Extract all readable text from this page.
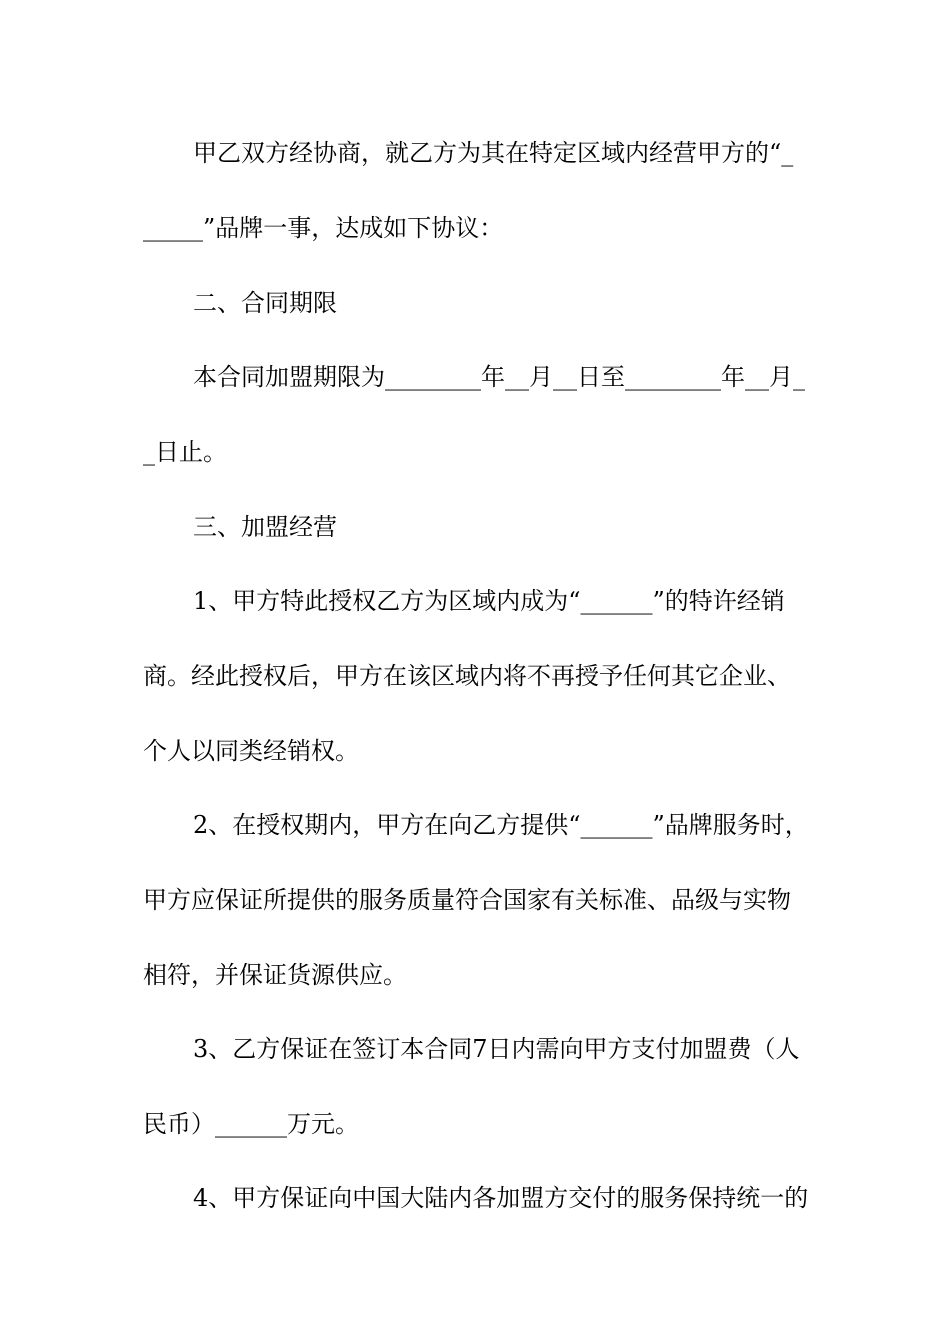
甲乙双方经协商，就乙方为其在特定区域内经营甲方的“_
_____”品牌一事，达成如下协议：
二、合同期限
本合同加盟期限为________年__月__日至________年__月_
_日止。
三、加盟经营
1、甲方特此授权乙方为区域内成为“______”的特许经销
商。经此授权后，甲方在该区域内将不再授予任何其它企业、
个人以同类经销权。
2、在授权期内，甲方在向乙方提供“______”品牌服务时，
甲方应保证所提供的服务质量符合国家有关标准、品级与实物
相符，并保证货源供应。
3、乙方保证在签订本合同7日内需向甲方支付加盟费（人
民币）______万元。
4、甲方保证向中国大陆内各加盟方交付的服务保持统一的
